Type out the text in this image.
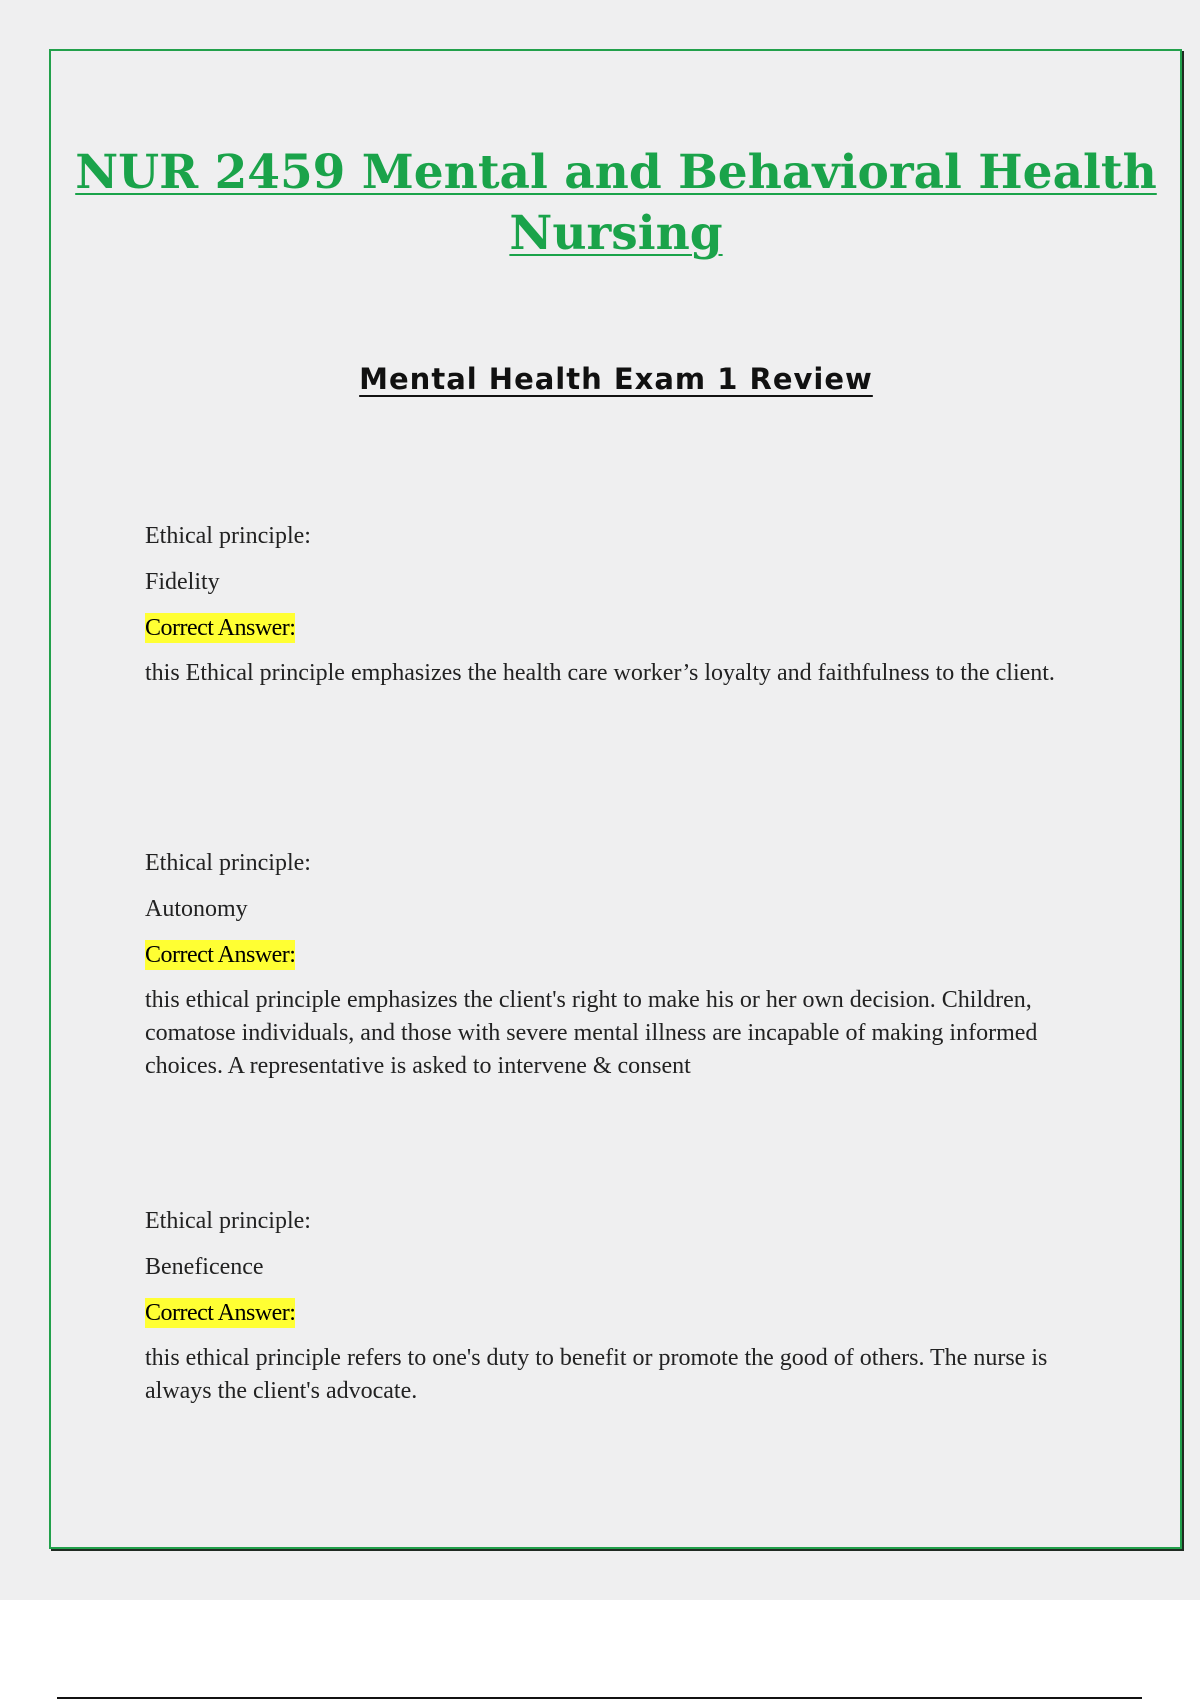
NUR 2459 Mental and Behavioral Health Nursing
Mental Health Exam 1 Review

Ethical principle:

Fidelity

Correct Answer:

this Ethical principle emphasizes the health care worker’s loyalty and faithfulness to the client.

Ethical principle:

Autonomy

Correct Answer:

this ethical principle emphasizes the client's right to make his or her own decision. Children, comatose individuals, and those with severe mental illness are incapable of making informed choices. A representative is asked to intervene & consent

Ethical principle:

Beneficence

Correct Answer:

this ethical principle refers to one's duty to benefit or promote the good of others. The nurse is always the client's advocate.
